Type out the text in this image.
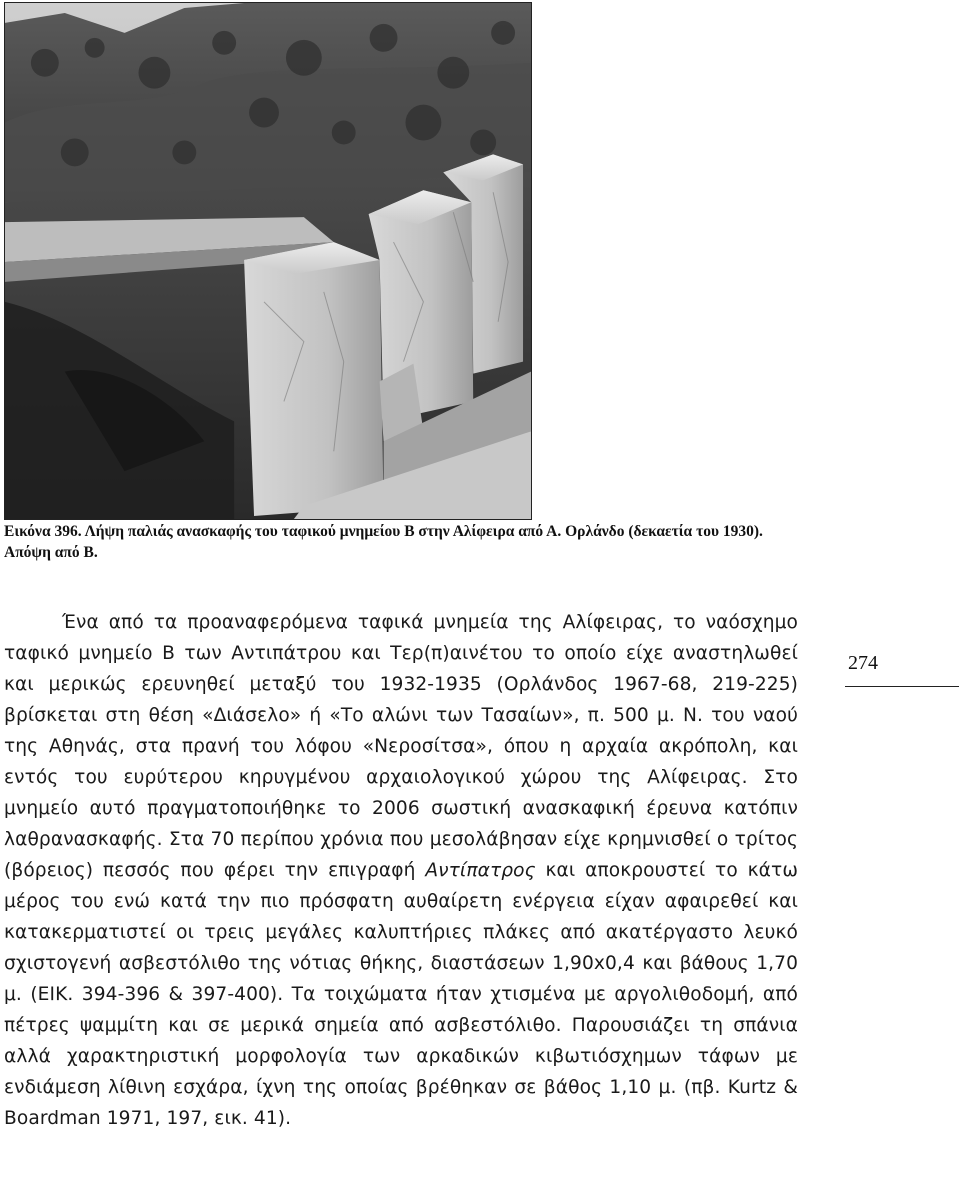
Εικόνα 396. Λήψη παλιάς ανασκαφής του ταφικού μνημείου Β στην Αλίφειρα από Α. Ορλάνδο (δεκαετία του 1930). Απόψη από Β.

Ένα από τα προαναφερόμενα ταφικά μνημεία της Αλίφειρας, το ναόσχημο ταφικό μνημείο Β των Αντιπάτρου και Τερ(π)αινέτου το οποίο είχε αναστηλωθεί και μερικώς ερευνηθεί μεταξύ του 1932-1935 (Ορλάνδος 1967-68, 219-225) βρίσκεται στη θέση «Διάσελο» ή «Το αλώνι των Τασαίων», π. 500 μ. Ν. του ναού της Αθηνάς, στα πρανή του λόφου «Νεροσίτσα», όπου η αρχαία ακρόπολη, και εντός του ευρύτερου κηρυγμένου αρχαιολογικού χώρου της Αλίφειρας. Στο μνημείο αυτό πραγματοποιήθηκε το 2006 σωστική ανασκαφική έρευνα κατόπιν λαθρανασκαφής. Στα 70 περίπου χρόνια που μεσολάβησαν είχε κρημνισθεί ο τρίτος (βόρειος) πεσσός που φέρει την επιγραφή Αντίπατρος και αποκρουστεί το κάτω μέρος του ενώ κατά την πιο πρόσφατη αυθαίρετη ενέργεια είχαν αφαιρεθεί και κατακερματιστεί οι τρεις μεγάλες καλυπτήριες πλάκες από ακατέργαστο λευκό σχιστογενή ασβεστόλιθο της νότιας θήκης, διαστάσεων 1,90x0,4 και βάθους 1,70 μ. (ΕΙΚ. 394-396 & 397-400). Τα τοιχώματα ήταν χτισμένα με αργολιθοδομή, από πέτρες ψαμμίτη και σε μερικά σημεία από ασβεστόλιθο. Παρουσιάζει τη σπάνια αλλά χαρακτηριστική μορφολογία των αρκαδικών κιβωτιόσχημων τάφων με ενδιάμεση λίθινη εσχάρα, ίχνη της οποίας βρέθηκαν σε βάθος 1,10 μ. (πβ. Kurtz & Boardman 1971, 197, εικ. 41).

274
